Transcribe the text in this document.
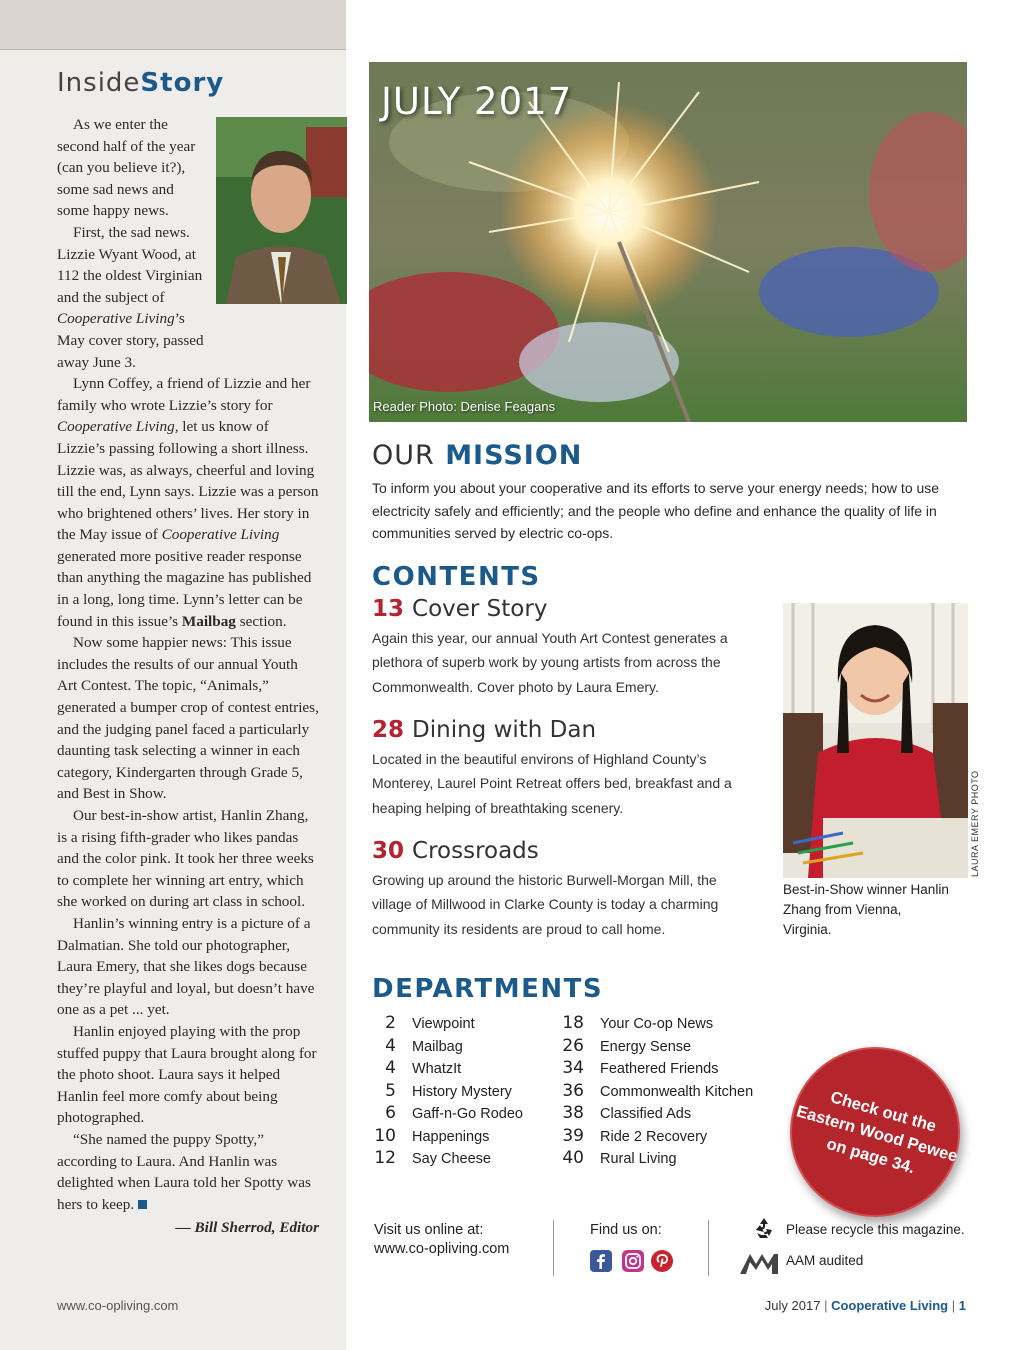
InsideStory

As we enter the second half of the year (can you believe it?), some sad news and some happy news.

First, the sad news. Lizzie Wyant Wood, at 112 the oldest Virginian and the subject of Cooperative Living’s May cover story, passed away June 3.

Lynn Coffey, a friend of Lizzie and her family who wrote Lizzie’s story for Cooperative Living, let us know of Lizzie’s passing following a short illness. Lizzie was, as always, cheerful and loving till the end, Lynn says. Lizzie was a person who brightened others’ lives. Her story in the May issue of Cooperative Living generated more positive reader response than anything the magazine has published in a long, long time. Lynn’s letter can be found in this issue’s Mailbag section.

Now some happier news: This issue includes the results of our annual Youth Art Contest. The topic, “Animals,” generated a bumper crop of contest entries, and the judging panel faced a particularly daunting task selecting a winner in each category, Kindergarten through Grade 5, and Best in Show.

Our best-in-show artist, Hanlin Zhang, is a rising fifth-grader who likes pandas and the color pink. It took her three weeks to complete her winning art entry, which she worked on during art class in school.

Hanlin’s winning entry is a picture of a Dalmatian. She told our photographer, Laura Emery, that she likes dogs because they’re playful and loyal, but doesn’t have one as a pet ... yet.

Hanlin enjoyed playing with the prop stuffed puppy that Laura brought along for the photo shoot. Laura says it helped Hanlin feel more comfy about being photographed.

“She named the puppy Spotty,” according to Laura. And Hanlin was delighted when Laura told her Spotty was hers to keep.

— Bill Sherrod, Editor
www.co-opliving.com
JULY 2017
Reader Photo: Denise Feagans
OUR MISSION

To inform you about your cooperative and its efforts to serve your energy needs; how to use electricity safely and efficiently; and the people who define and enhance the quality of life in communities served by electric co-ops.

CONTENTS
13 Cover Story

Again this year, our annual Youth Art Contest generates a plethora of superb work by young artists from across the Commonwealth. Cover photo by Laura Emery.

28 Dining with Dan

Located in the beautiful environs of Highland County’s Monterey, Laurel Point Retreat offers bed, breakfast and a heaping helping of breathtaking scenery.

30 Crossroads

Growing up around the historic Burwell-Morgan Mill, the village of Millwood in Clarke County is today a charming community its residents are proud to call home.

LAURA EMERY PHOTO

Best-in-Show winner Hanlin Zhang from Vienna, Virginia.

DEPARTMENTS
2 Viewpoint
4 Mailbag
4 WhatzIt
5 History Mystery
6 Gaff-n-Go Rodeo
10 Happenings
12 Say Cheese
18 Your Co-op News
26 Energy Sense
34 Feathered Friends
36 Commonwealth Kitchen
38 Classified Ads
39 Ride 2 Recovery
40 Rural Living
Check out the Eastern Wood Pewee on page 34.
Visit us online at:
www.co-opliving.com
Find us on:	Please recycle this magazine.
AAM audited
July 2017 | Cooperative Living | 1
